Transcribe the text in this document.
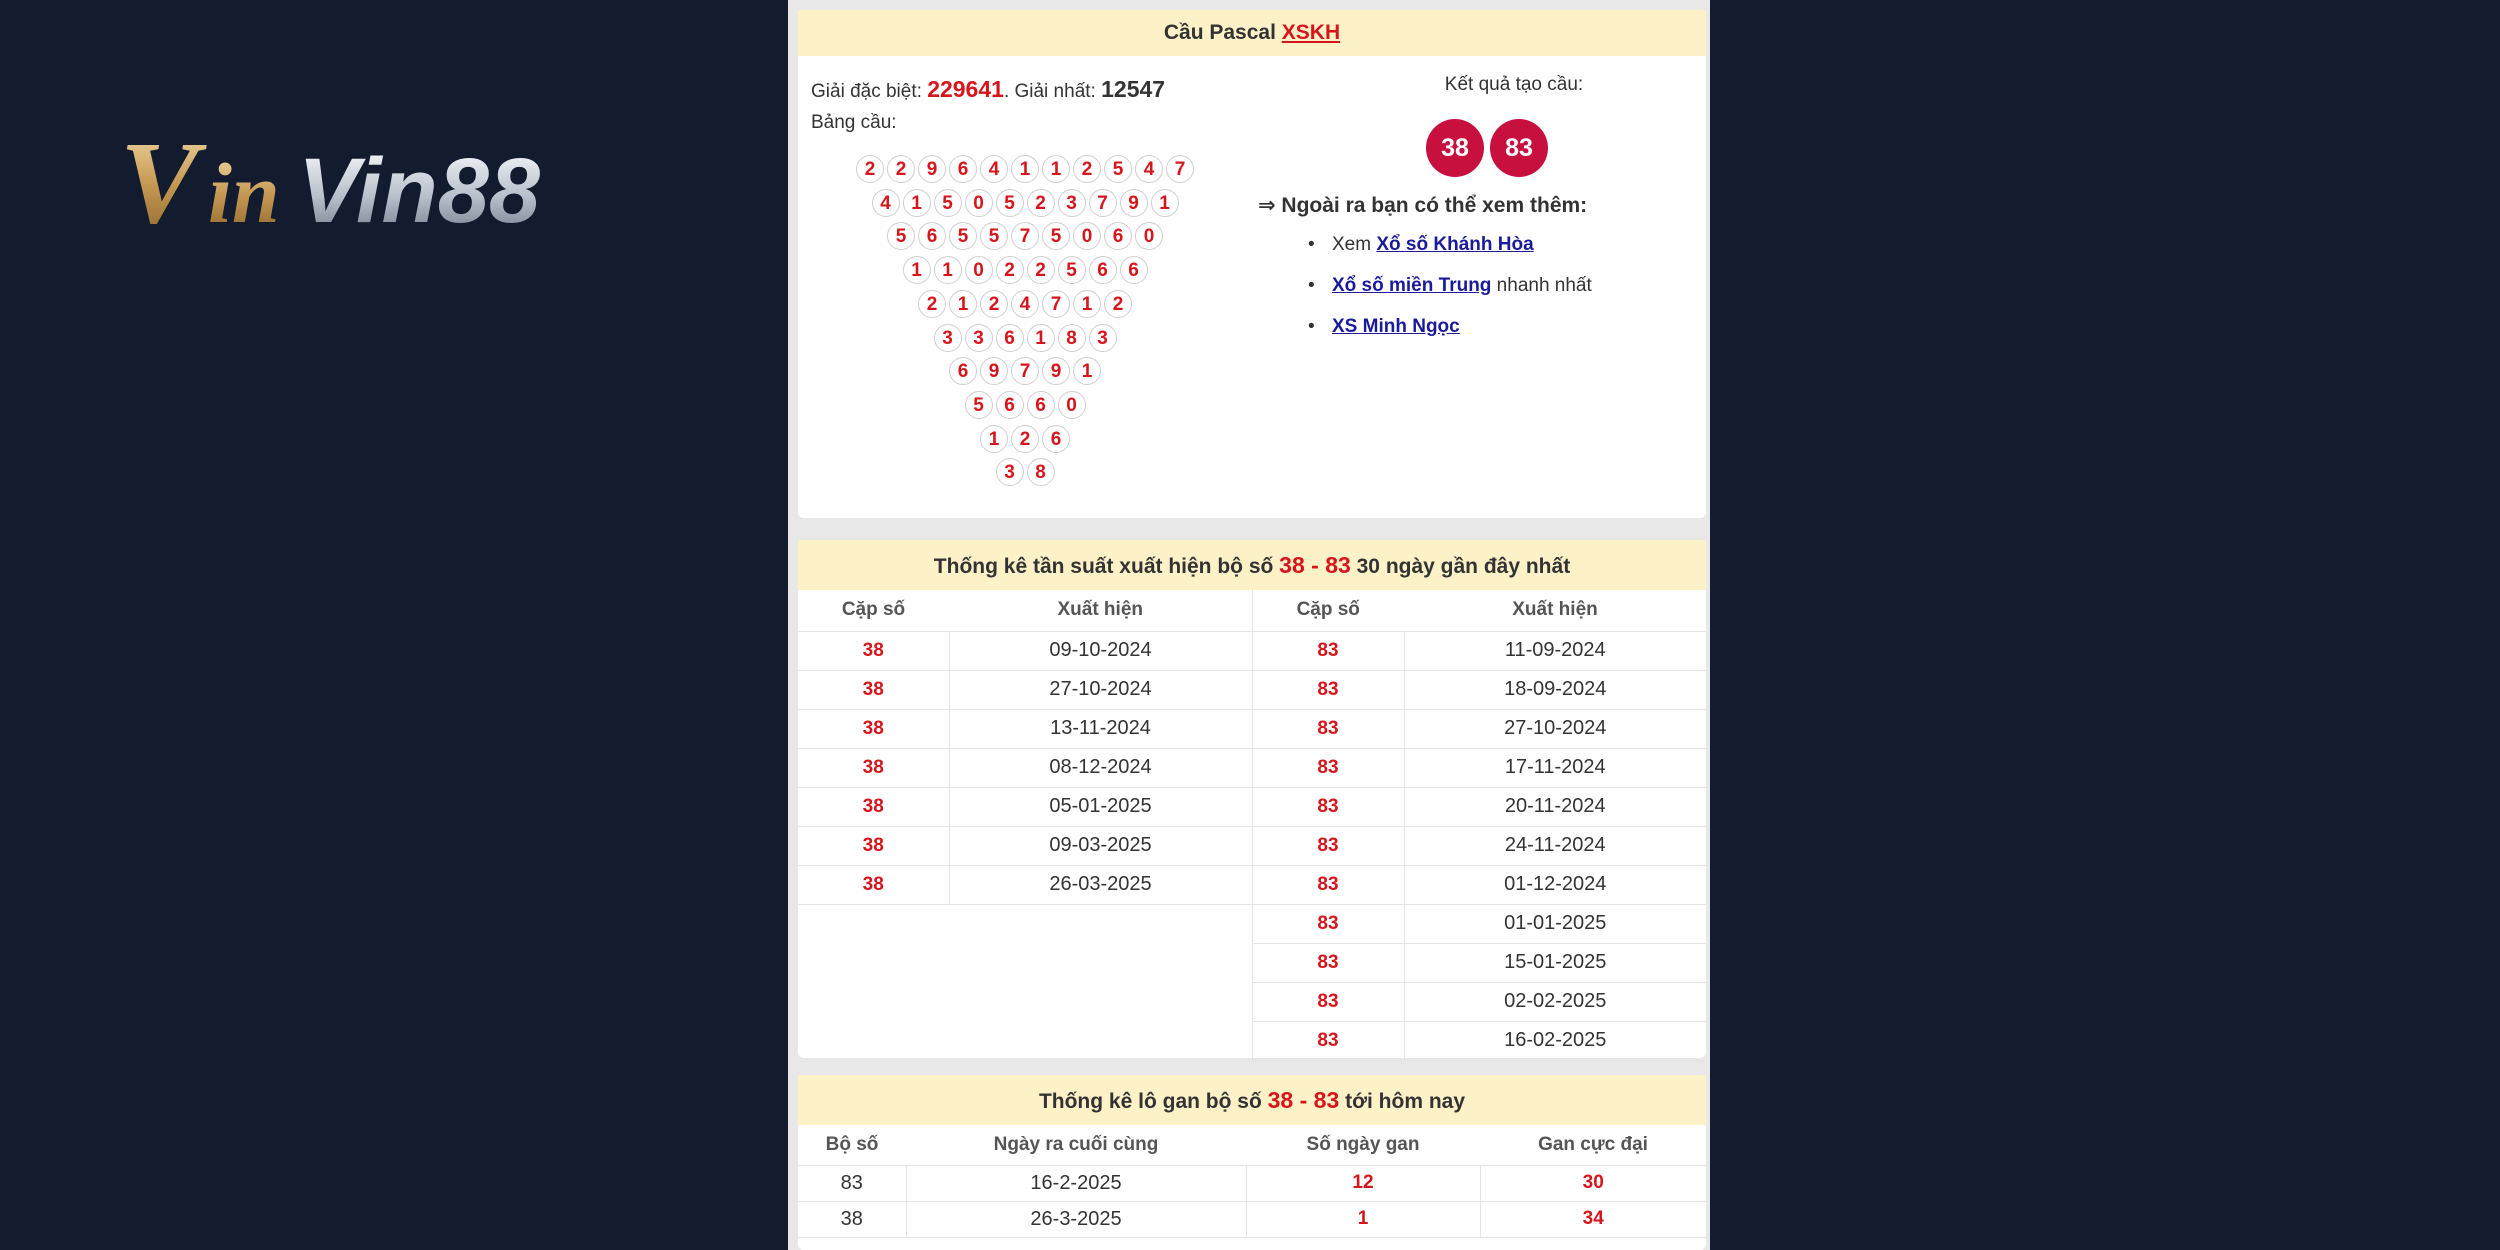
V in Vin88
Cầu Pascal XSKH
Giải đặc biệt: 229641. Giải nhất: 12547
Bảng cầu:
2	2	9	6	4	1	1	2	5	4	7
4	1	5	0	5	2	3	7	9	1
5	6	5	5	7	5	0	6	0
1	1	0	2	2	5	6	6
2	1	2	4	7	1	2
3	3	6	1	8	3
6	9	7	9	1
5	6	6	0
1	2	6
3	8
Kết quả tạo cầu:
38	83
⇒ Ngoài ra bạn có thể xem thêm:
• Xem Xổ số Khánh Hòa
• Xổ số miền Trung nhanh nhất
• XS Minh Ngọc
Thống kê tần suất xuất hiện bộ số 38 - 83 30 ngày gần đây nhất
Cặp số	Xuất hiện	Cặp số	Xuất hiện
38	09-10-2024	83	11-09-2024
38	27-10-2024	83	18-09-2024
38	13-11-2024	83	27-10-2024
38	08-12-2024	83	17-11-2024
38	05-01-2025	83	20-11-2024
38	09-03-2025	83	24-11-2024
38	26-03-2025	83	01-12-2024
		83	01-01-2025
		83	15-01-2025
		83	02-02-2025
		83	16-02-2025
Thống kê lô gan bộ số 38 - 83 tới hôm nay
Bộ số	Ngày ra cuối cùng	Số ngày gan	Gan cực đại
83	16-2-2025	12	30
38	26-3-2025	1	34
